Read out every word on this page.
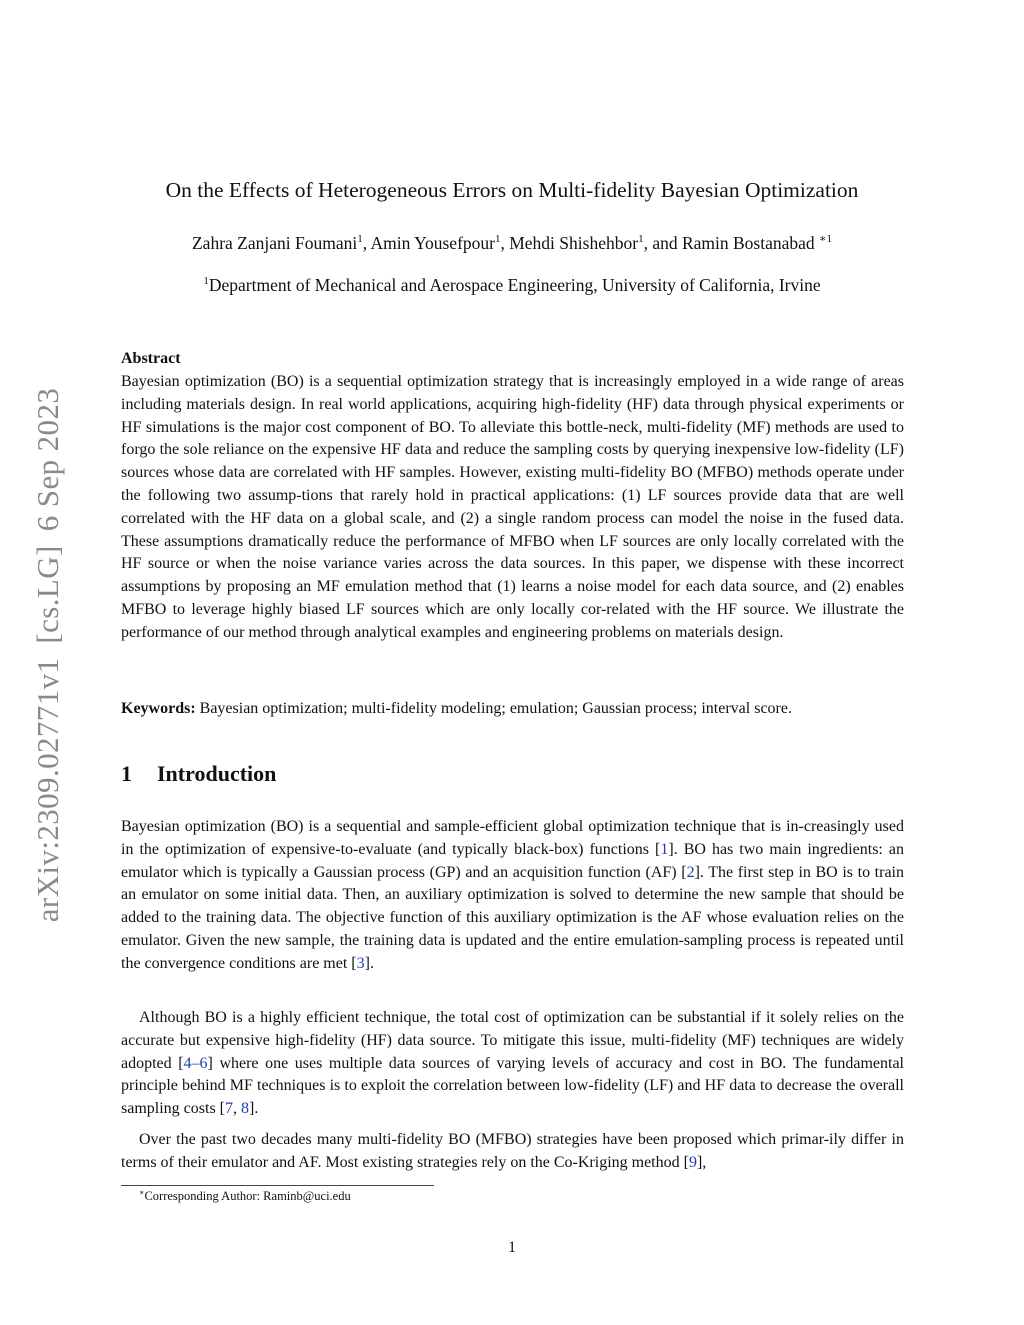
arXiv:2309.02771v1[cs.LG]6 Sep 2023
On the Effects of Heterogeneous Errors on Multi-fidelity Bayesian Optimization
Zahra Zanjani Foumani$^1$, Amin Yousefpour$^1$, Mehdi Shishehbor$^1$, and Ramin Bostanabad $^{∗1}$
$^1$Department of Mechanical and Aerospace Engineering, University of California, Irvine
Abstract
Bayesian optimization (BO) is a sequential optimization strategy that is increasingly employed in a wide range of areas including materials design. In real world applications, acquiring high-fidelity (HF) data through physical experiments or HF simulations is the major cost component of BO. To alleviate this bottle-neck, multi-fidelity (MF) methods are used to forgo the sole reliance on the expensive HF data and reduce the sampling costs by querying inexpensive low-fidelity (LF) sources whose data are correlated with HF samples. However, existing multi-fidelity BO (MFBO) methods operate under the following two assump-tions that rarely hold in practical applications: (1) LF sources provide data that are well correlated with the HF data on a global scale, and (2) a single random process can model the noise in the fused data. These assumptions dramatically reduce the performance of MFBO when LF sources are only locally correlated with the HF source or when the noise variance varies across the data sources. In this paper, we dispense with these incorrect assumptions by proposing an MF emulation method that (1) learns a noise model for each data source, and (2) enables MFBO to leverage highly biased LF sources which are only locally cor-related with the HF source. We illustrate the performance of our method through analytical examples and engineering problems on materials design.
Keywords: Bayesian optimization; multi-fidelity modeling; emulation; Gaussian process; interval score.
1 Introduction
Bayesian optimization (BO) is a sequential and sample-efficient global optimization technique that is in-creasingly used in the optimization of expensive-to-evaluate (and typically black-box) functions [1]. BO has two main ingredients: an emulator which is typically a Gaussian process (GP) and an acquisition function (AF) [2]. The first step in BO is to train an emulator on some initial data. Then, an auxiliary optimization is solved to determine the new sample that should be added to the training data. The objective function of this auxiliary optimization is the AF whose evaluation relies on the emulator. Given the new sample, the training data is updated and the entire emulation-sampling process is repeated until the convergence conditions are met [3].
Although BO is a highly efficient technique, the total cost of optimization can be substantial if it solely relies on the accurate but expensive high-fidelity (HF) data source. To mitigate this issue, multi-fidelity (MF) techniques are widely adopted [4–6] where one uses multiple data sources of varying levels of accuracy and cost in BO. The fundamental principle behind MF techniques is to exploit the correlation between low-fidelity (LF) and HF data to decrease the overall sampling costs [7, 8].
Over the past two decades many multi-fidelity BO (MFBO) strategies have been proposed which primar-ily differ in terms of their emulator and AF. Most existing strategies rely on the Co-Kriging method [9],
∗Corresponding Author: Raminb@uci.edu
1
